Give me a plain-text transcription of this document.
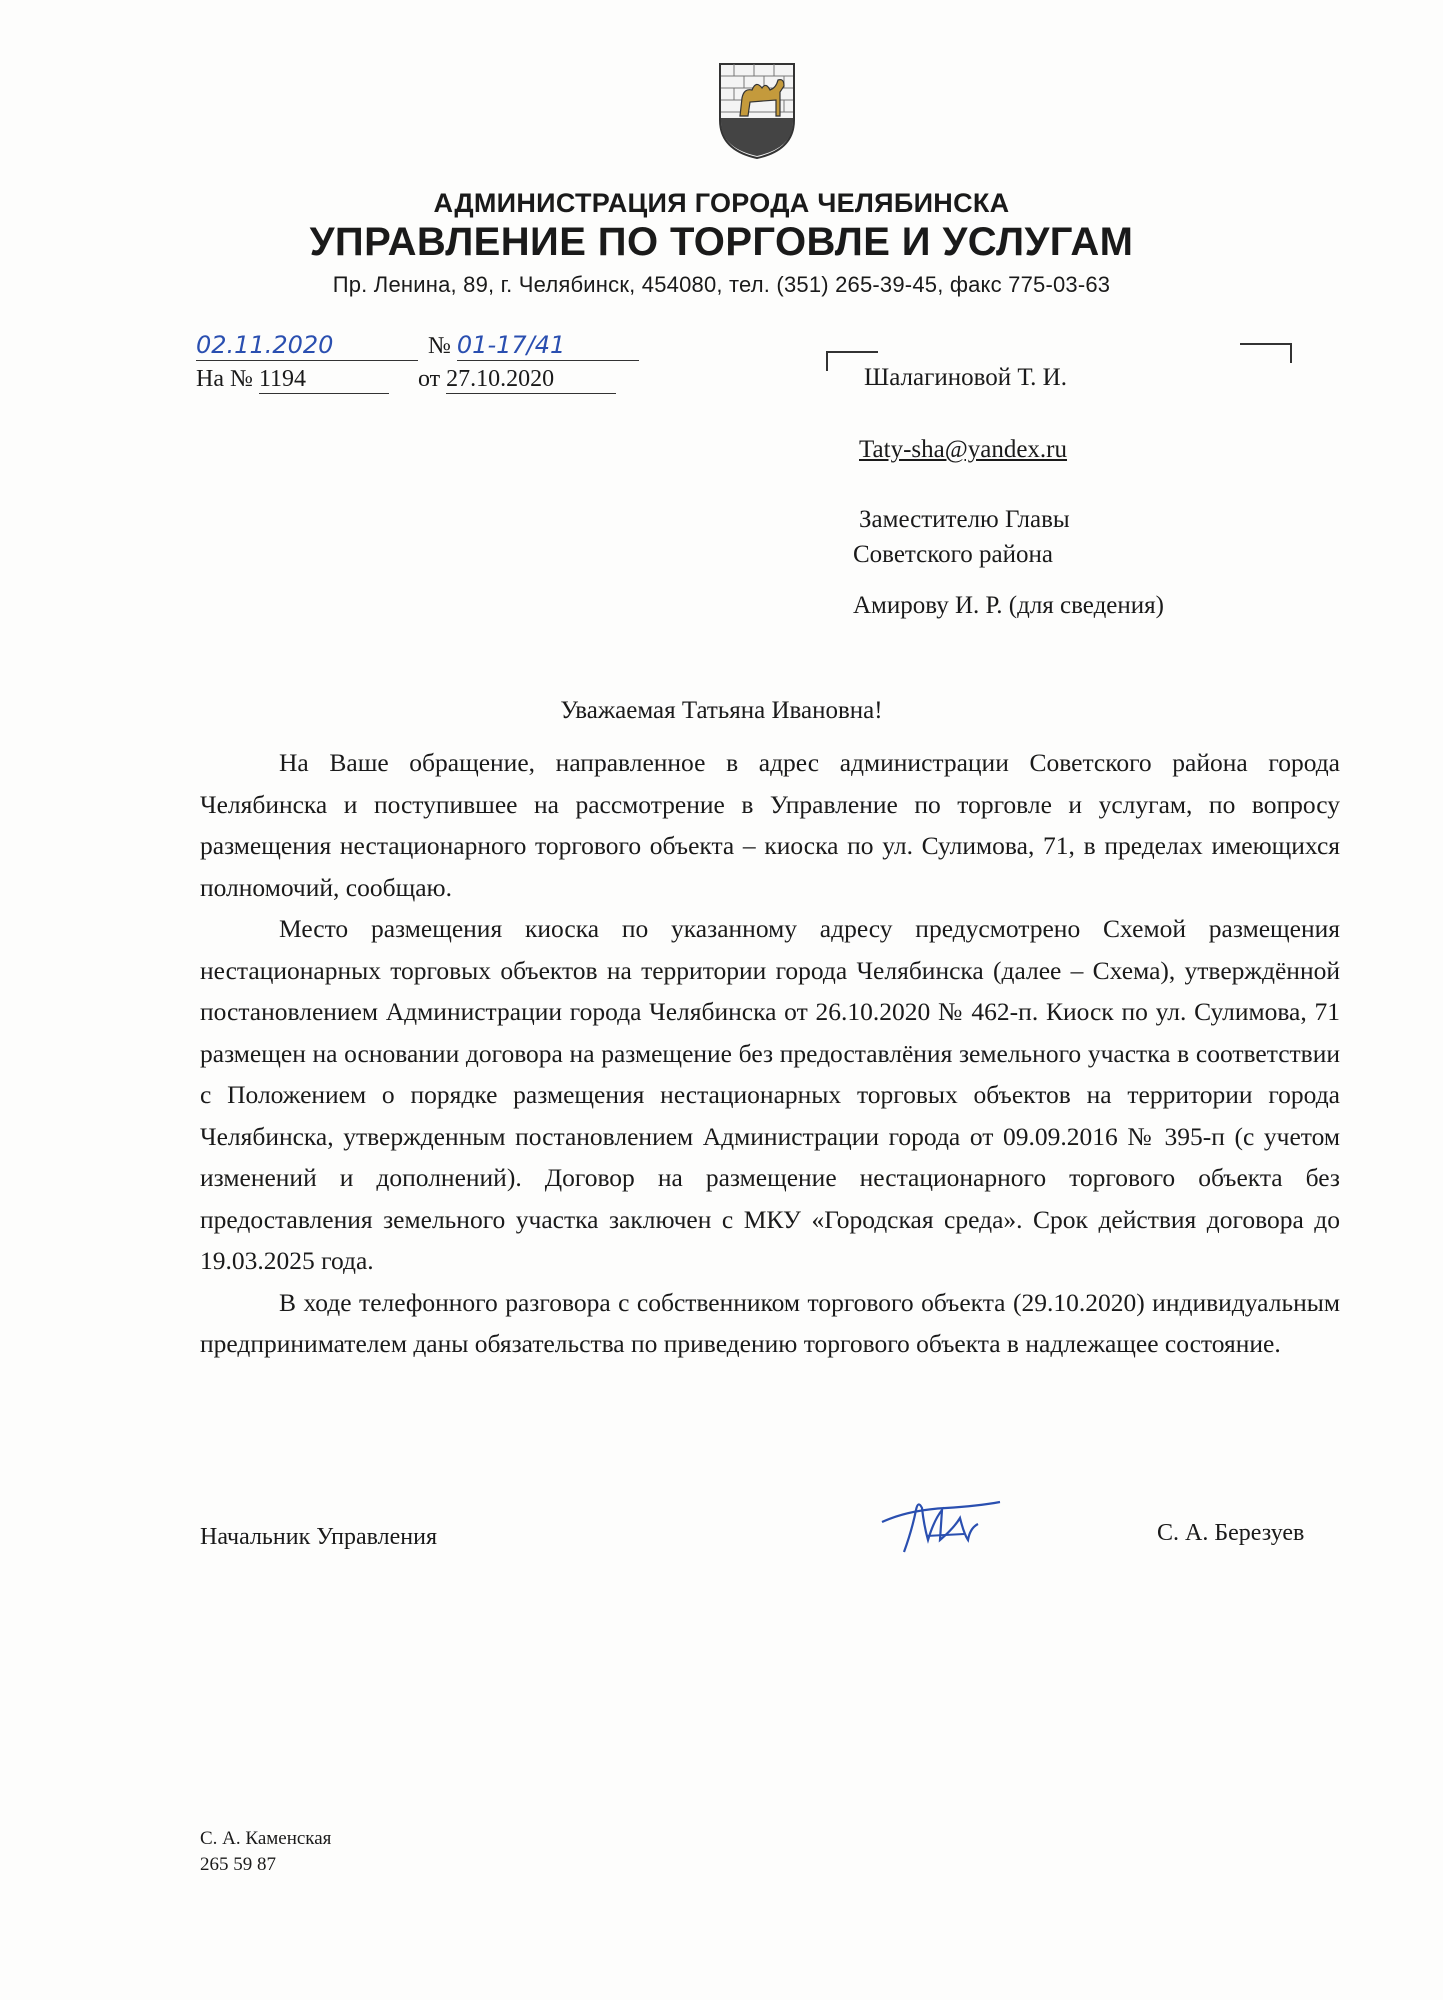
АДМИНИСТРАЦИЯ ГОРОДА ЧЕЛЯБИНСКА
УПРАВЛЕНИЕ ПО ТОРГОВЛЕ И УСЛУГАМ
Пр. Ленина, 89, г. Челябинск, 454080, тел. (351) 265-39-45, факс 775-03-63
02.11.2020	№ 01-17/41
На № 1194	от 27.10.2020	Шалагиновой Т. И.
Taty-sha@yandex.ru
Заместителю Главы
Советского района
Амирову И. Р. (для сведения)
Уважаемая Татьяна Ивановна!

На Ваше обращение, направленное в адрес администрации Советского района города Челябинска и поступившее на рассмотрение в Управление по торговле и услугам, по вопросу размещения нестационарного торгового объекта – киоска по ул. Сулимова, 71, в пределах имеющихся полномочий, сообщаю.

Место размещения киоска по указанному адресу предусмотрено Схемой размещения нестационарных торговых объектов на территории города Челябинска (далее – Схема), утверждённой постановлением Администрации города Челябинска от 26.10.2020 № 462-п. Киоск по ул. Сулимова, 71 размещен на основании договора на размещение без предоставлёния земельного участка в соответствии с Положением о порядке размещения нестационарных торговых объектов на территории города Челябинска, утвержденным постановлением Администрации города от 09.09.2016 № 395-п (с учетом изменений и дополнений). Договор на размещение нестационарного торгового объекта без предоставления земельного участка заключен с МКУ «Городская среда». Срок действия договора до 19.03.2025 года.

В ходе телефонного разговора с собственником торгового объекта (29.10.2020) индивидуальным предпринимателем даны обязательства по приведению торгового объекта в надлежащее состояние.

Начальник Управления	С. А. Березуев
С. А. Каменская
265 59 87
